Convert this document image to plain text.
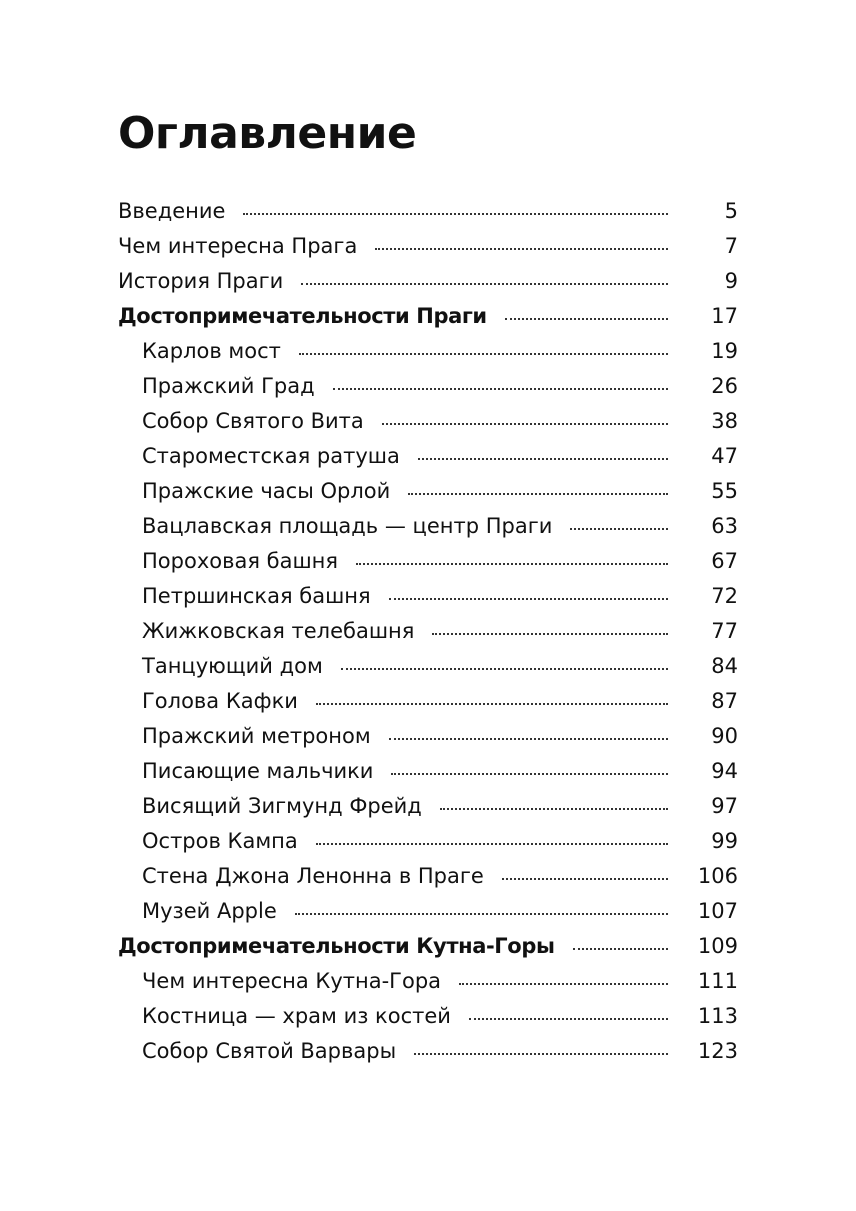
Оглавление
Введение	5
Чем интересна Прага	7
История Праги	9
Достопримечательности Праги	17
Карлов мост	19
Пражский Град	26
Собор Святого Вита	38
Староместская ратуша	47
Пражские часы Орлой	55
Вацлавская площадь — центр Праги	63
Пороховая башня	67
Петршинская башня	72
Жижковская телебашня	77
Танцующий дом	84
Голова Кафки	87
Пражский метроном	90
Писающие мальчики	94
Висящий Зигмунд Фрейд	97
Остров Кампа	99
Стена Джона Ленонна в Праге	106
Музей Apple	107
Достопримечательности Кутна-Горы	109
Чем интересна Кутна-Гора	111
Костница — храм из костей	113
Собор Святой Варвары	123
